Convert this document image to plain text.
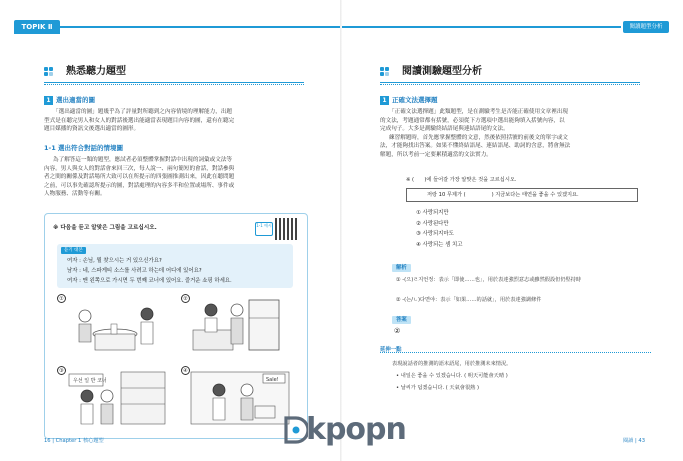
TOPIK Ⅱ
熟悉聽力題型
1 選出適當的圖

「選出適當的圖」題幾乎為了評量對所聽到之內容情境的理解能力，出題

型式是在聽完男人和女人的對話後選出能適當表現題目內容的圖，還有在聽完
題目媒播的資訊文後選出適當的圖形。
1-1 選出符合對話的情境圖

為了解答這一類的題型，應試者必須整體掌握對話中出現的詞彙或文法等

內容。男人與女人的對話會來回三次，每人說一、兩句簡短的會話，對話參與
者之間的關係及對話場所大致可以在所提示的四張圖推測出來，因此在聽問題
之前，可以事先確認所提示的圖，對話處理的內容多半和位置或場所、事件或
人物服務、活動等有關。
※ 다음을 듣고 알맞은 그림을 고르십시오.	1-1 예시
듣기 대본
여자 : 손님, 뭘 찾으시는 거 있으신가요?
남자 : 네, 스파게티 소스를 사려고 하는데 어디에 있어요?
여자 : 맨 왼쪽으로 가시면 두 번째 코너에 있어요. 즐거운 쇼핑 하세요.
①	②
③
우선 일 반 코너
④
Sale!
16 | Chapter 1 核心題型
閱讀題型分析
閱讀測驗題型分析
1 正確文法選擇題

「正確文法選擇題」此類題型，是在測驗考生是否能正確使用文章裡出現

的文法，考題通常都有括號，必須從下方選項中選出能夠填入括號內容，以
完成句子。大多是測驗終結語尾與連結語尾的文法。

練習解題時，首先應掌握整體的文意，然後依照括號的前後文的單字或文

法，才能夠找出答案。如果不懂終結語尾、連結語尾、助詞的含意，將會無法
解題，所以考前一定要累積適當的文法實力。
※ (　　)에 들어갈 가장 알맞은 것을 고르십시오.
저랑 10 무제가 (　　　　　) 지금보다는 태연을 좋을 수 있겠지요.
① 사랑되지만
② 사랑된다만
③ 사랑되지마도
④ 사랑되는 셈 치고
解析
① -(으)ㄹ지언정：表示「即使……也」，用於表達強烈意志或雖然假設但仍堅持時
② -(는/ㄴ)다면야：表示「如果……的話就」，用於表達強調條件
答案
②
延伸一點
表現說話者的推測的語末語尾，用於推測未來情況。
• 내일은 좋을 수 있겠습니다. ( 明天可能會天晴 )
• 날씨가 덥겠습니다. ( 天氣會很熱 )
閱讀 | 43
kpopn
